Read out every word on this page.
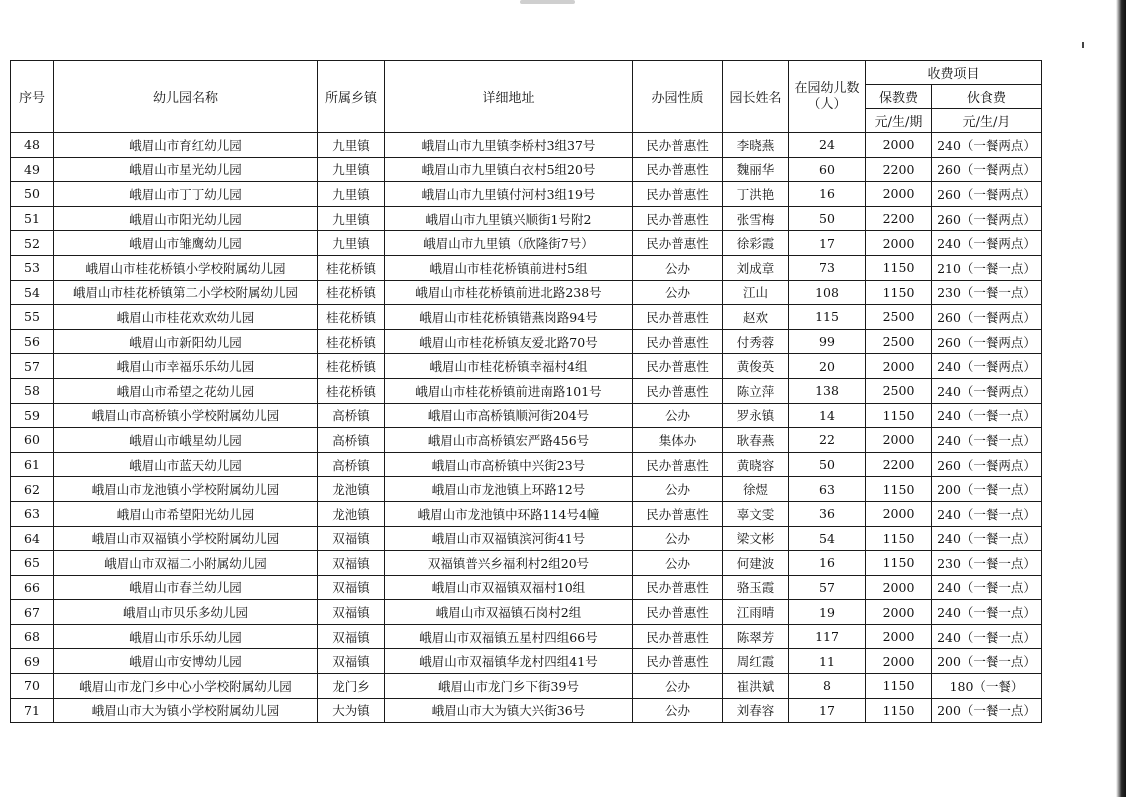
序号	幼儿园名称	所属乡镇	详细地址	办园性质	园长姓名	在园幼儿数（人）	收费项目	
							保教费	伙食费
							元/生/期	元/生/月
48	峨眉山市育红幼儿园	九里镇	峨眉山市九里镇李桥村3组37号	民办普惠性	李晓燕	24	2000	240（一餐两点）
49	峨眉山市星光幼儿园	九里镇	峨眉山市九里镇白衣村5组20号	民办普惠性	魏丽华	60	2200	260（一餐两点）
50	峨眉山市丁丁幼儿园	九里镇	峨眉山市九里镇付河村3组19号	民办普惠性	丁洪艳	16	2000	260（一餐两点）
51	峨眉山市阳光幼儿园	九里镇	峨眉山市九里镇兴顺街1号附2	民办普惠性	张雪梅	50	2200	260（一餐两点）
52	峨眉山市雏鹰幼儿园	九里镇	峨眉山市九里镇（欣隆街7号）	民办普惠性	徐彩霞	17	2000	240（一餐两点）
53	峨眉山市桂花桥镇小学校附属幼儿园	桂花桥镇	峨眉山市桂花桥镇前进村5组	公办	刘成章	73	1150	210（一餐一点）
54	峨眉山市桂花桥镇第二小学校附属幼儿园	桂花桥镇	峨眉山市桂花桥镇前进北路238号	公办	江山	108	1150	230（一餐一点）
55	峨眉山市桂花欢欢幼儿园	桂花桥镇	峨眉山市桂花桥镇错燕岗路94号	民办普惠性	赵欢	115	2500	260（一餐两点）
56	峨眉山市新阳幼儿园	桂花桥镇	峨眉山市桂花桥镇友爱北路70号	民办普惠性	付秀蓉	99	2500	260（一餐两点）
57	峨眉山市幸福乐乐幼儿园	桂花桥镇	峨眉山市桂花桥镇幸福村4组	民办普惠性	黄俊英	20	2000	240（一餐两点）
58	峨眉山市希望之花幼儿园	桂花桥镇	峨眉山市桂花桥镇前进南路101号	民办普惠性	陈立萍	138	2500	240（一餐两点）
59	峨眉山市高桥镇小学校附属幼儿园	高桥镇	峨眉山市高桥镇顺河街204号	公办	罗永镇	14	1150	240（一餐一点）
60	峨眉山市峨星幼儿园	高桥镇	峨眉山市高桥镇宏严路456号	集体办	耿春燕	22	2000	240（一餐一点）
61	峨眉山市蓝天幼儿园	高桥镇	峨眉山市高桥镇中兴街23号	民办普惠性	黄晓容	50	2200	260（一餐两点）
62	峨眉山市龙池镇小学校附属幼儿园	龙池镇	峨眉山市龙池镇上环路12号	公办	徐煜	63	1150	200（一餐一点）
63	峨眉山市希望阳光幼儿园	龙池镇	峨眉山市龙池镇中环路114号4幢	民办普惠性	辜文雯	36	2000	240（一餐一点）
64	峨眉山市双福镇小学校附属幼儿园	双福镇	峨眉山市双福镇滨河街41号	公办	梁文彬	54	1150	240（一餐一点）
65	峨眉山市双福二小附属幼儿园	双福镇	双福镇普兴乡福利村2组20号	公办	何建波	16	1150	230（一餐一点）
66	峨眉山市春兰幼儿园	双福镇	峨眉山市双福镇双福村10组	民办普惠性	骆玉霞	57	2000	240（一餐一点）
67	峨眉山市贝乐多幼儿园	双福镇	峨眉山市双福镇石岗村2组	民办普惠性	江雨晴	19	2000	240（一餐一点）
68	峨眉山市乐乐幼儿园	双福镇	峨眉山市双福镇五星村四组66号	民办普惠性	陈翠芳	117	2000	240（一餐一点）
69	峨眉山市安博幼儿园	双福镇	峨眉山市双福镇华龙村四组41号	民办普惠性	周红霞	11	2000	200（一餐一点）
70	峨眉山市龙门乡中心小学校附属幼儿园	龙门乡	峨眉山市龙门乡下街39号	公办	崔洪斌	8	1150	180（一餐）
71	峨眉山市大为镇小学校附属幼儿园	大为镇	峨眉山市大为镇大兴街36号	公办	刘春容	17	1150	200（一餐一点）
